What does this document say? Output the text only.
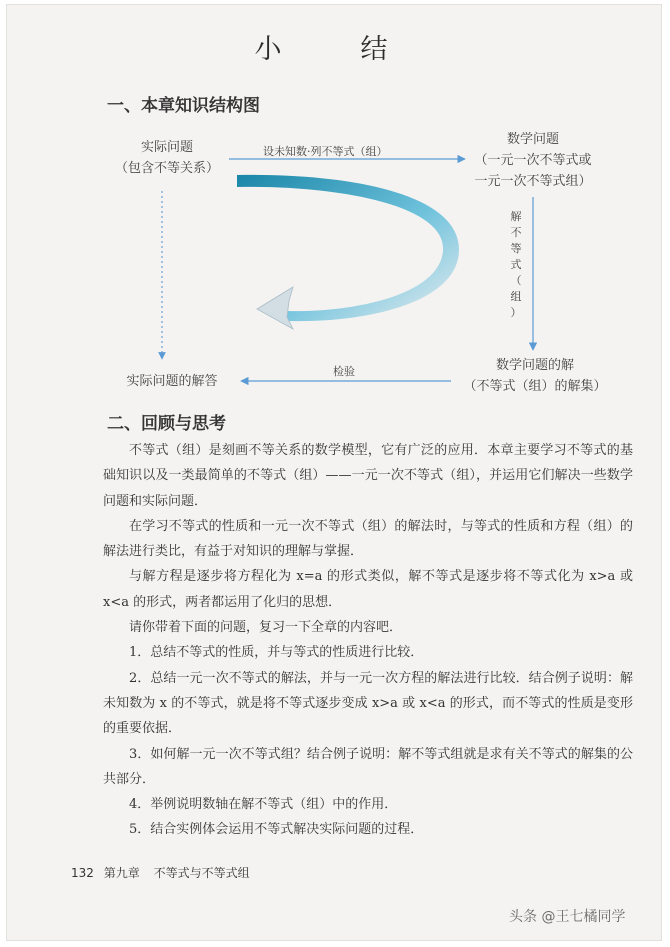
小　结
一、本章知识结构图
实际问题
（包含不等关系）
数学问题
（一元一次不等式或
一元一次不等式组）
数学问题的解
（不等式（组）的解集）
实际问题的解答
设未知数·列不等式（组）
检验
解
不
等
式
（
组
）
二、回顾与思考

不等式（组）是刻画不等关系的数学模型，它有广泛的应用．本章主要学习不等式的基础知识以及一类最简单的不等式（组）——一元一次不等式（组），并运用它们解决一些数学问题和实际问题．

在学习不等式的性质和一元一次不等式（组）的解法时，与等式的性质和方程（组）的解法进行类比，有益于对知识的理解与掌握．

与解方程是逐步将方程化为 x=a 的形式类似，解不等式是逐步将不等式化为 x>a 或 x<a 的形式，两者都运用了化归的思想．

请你带着下面的问题，复习一下全章的内容吧．

1．总结不等式的性质，并与等式的性质进行比较．

2．总结一元一次不等式的解法，并与一元一次方程的解法进行比较．结合例子说明：解未知数为 x 的不等式，就是将不等式逐步变成 x>a 或 x<a 的形式，而不等式的性质是变形的重要依据．

3．如何解一元一次不等式组？结合例子说明：解不等式组就是求有关不等式的解集的公共部分．

4．举例说明数轴在解不等式（组）中的作用．

5．结合实例体会运用不等式解决实际问题的过程．

132 第九章 不等式与不等式组
头条 @王七橘同学
